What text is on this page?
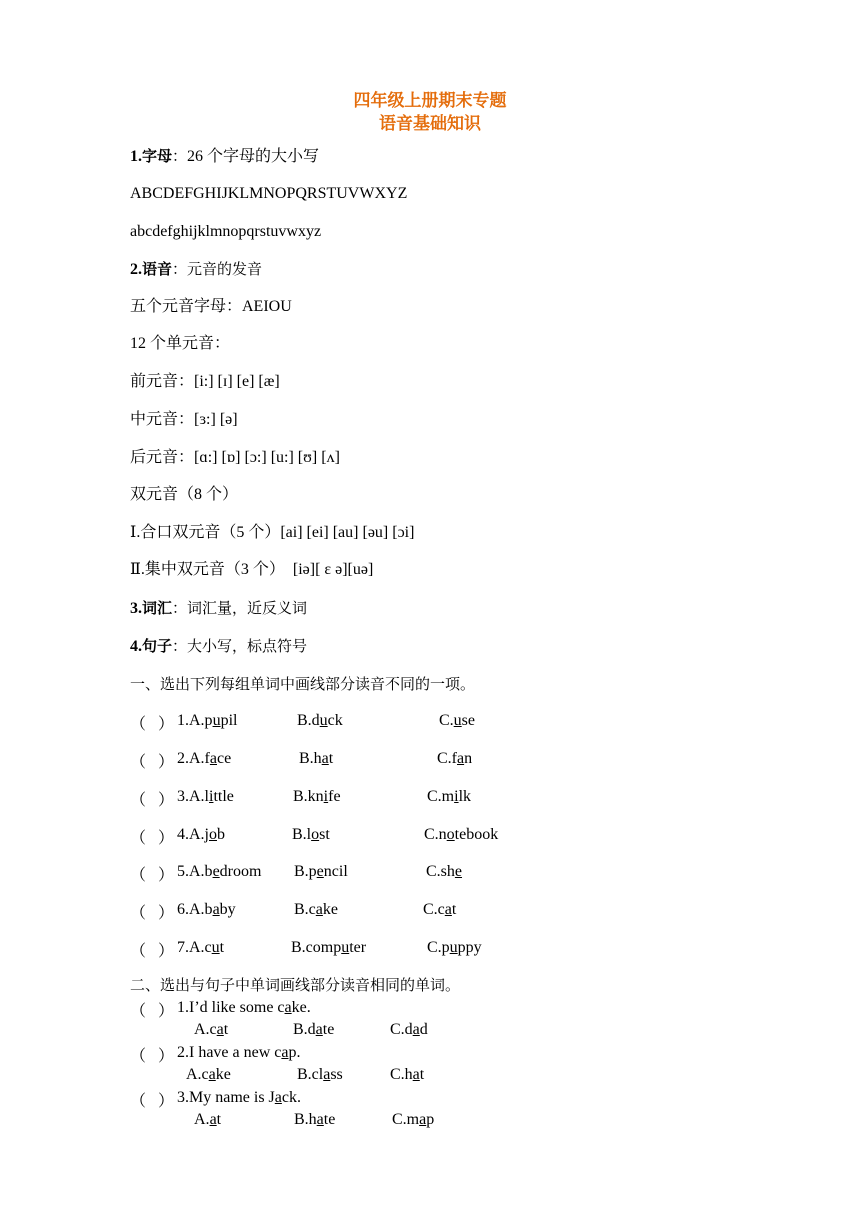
四年级上册期末专题
语音基础知识
1.字母：26 个字母的大小写
ABCDEFGHIJKLMNOPQRSTUVWXYZ
abcdefghijklmnopqrstuvwxyz
2.语音：元音的发音
五个元音字母：AEIOU
12 个单元音：
前元音：[i:] [ɪ] [e] [æ]
中元音：[ɜ:] [ə]
后元音：[ɑ:] [ɒ] [ɔ:] [u:] [ʊ] [ʌ]
双元音（8 个）
Ⅰ.合口双元音（5 个）[ai] [ei] [au] [əu] [ɔi]
Ⅱ.集中双元音（3 个）  [iə][ ɛ ə][uə]
3.词汇：词汇量，近反义词
4.句子：大小写，标点符号
一、选出下列每组单词中画线部分读音不同的一项。
（   ） 1.A.pupil	B.duck	C.use
（   ） 2.A.face	B.hat	C.fan
（   ） 3.A.little	B.knife	C.milk
（   ） 4.A.job	B.lost	C.notebook
（   ） 5.A.bedroom B.pencil	C.she
（   ） 6.A.baby	B.cake	C.cat
（   ） 7.A.cut	B.computer	C.puppy
二、选出与句子中单词画线部分读音相同的单词。
（   ） 1.I’d like some cake.
A.cat	B.date	C.dad
（   ） 2.I have a new cap.
A.cake	B.class	C.hat
（   ） 3.My name is Jack.
A.at	B.hate	C.map
